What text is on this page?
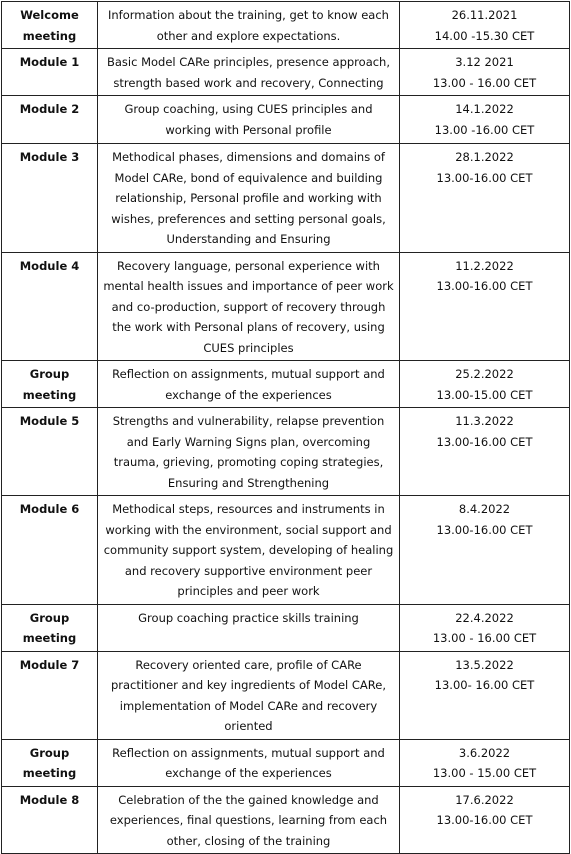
Welcome meeting	Information about the training, get to know each other and explore expectations.	26.11.2021
14.00 -15.30 CET

Module 1	Basic Model CARe principles, presence approach, strength based work and recovery, Connecting	3.12 2021
13.00 - 16.00 CET

Module 2	Group coaching, using CUES principles and working with Personal profile	14.1.2022
13.00 -16.00 CET

Module 3	Methodical phases, dimensions and domains of Model CARe, bond of equivalence and building relationship, Personal profile and working with wishes, preferences and setting personal goals, Understanding and Ensuring	28.1.2022
13.00-16.00 CET

Module 4	Recovery language, personal experience with mental health issues and importance of peer work and co-production, support of recovery through the work with Personal plans of recovery, using CUES principles	11.2.2022
13.00-16.00 CET

Group meeting	Reflection on assignments, mutual support and exchange of the experiences	25.2.2022
13.00-15.00 CET

Module 5	Strengths and vulnerability, relapse prevention and Early Warning Signs plan, overcoming trauma, grieving, promoting coping strategies, Ensuring and Strengthening	11.3.2022
13.00-16.00 CET

Module 6	Methodical steps, resources and instruments in working with the environment, social support and community support system, developing of healing and recovery supportive environment peer principles and peer work	8.4.2022
13.00-16.00 CET

Group meeting	Group coaching practice skills training	22.4.2022
13.00 - 16.00 CET

Module 7	Recovery oriented care, profile of CARe practitioner and key ingredients of Model CARe, implementation of Model CARe and recovery oriented	13.5.2022
13.00- 16.00 CET

Group meeting	Reflection on assignments, mutual support and exchange of the experiences	3.6.2022
13.00 - 15.00 CET

Module 8	Celebration of the the gained knowledge and experiences, final questions, learning from each other, closing of the training	17.6.2022
13.00-16.00 CET
